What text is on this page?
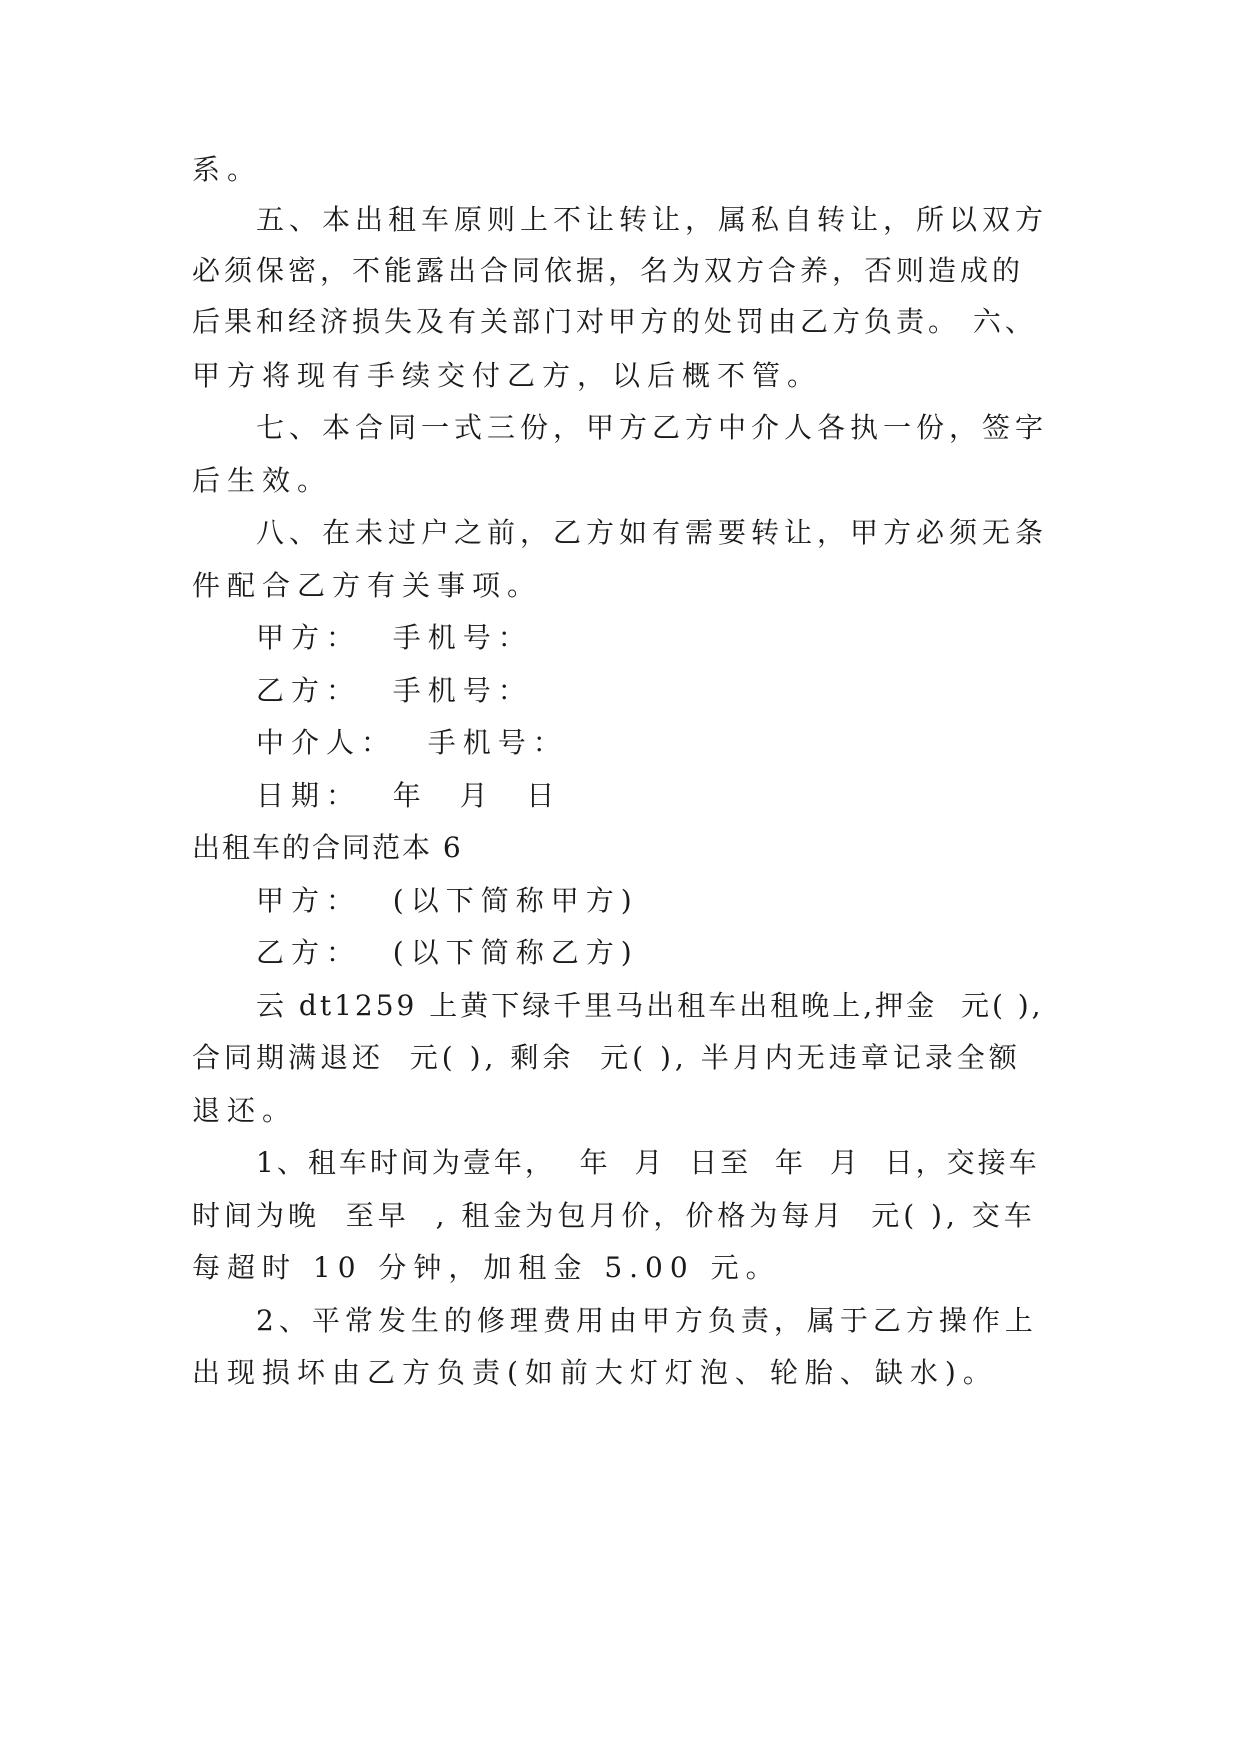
系。

五、本出租车原则上不让转让，属私自转让，所以双方

必须保密，不能露出合同依据，名为双方合养，否则造成的

后果和经济损失及有关部门对甲方的处罚由乙方负责。 六、

甲方将现有手续交付乙方，以后概不管。

七、本合同一式三份，甲方乙方中介人各执一份，签字

后生效。

八、在未过户之前，乙方如有需要转让，甲方必须无条

件配合乙方有关事项。

甲方：  手机号：

乙方：  手机号：

中介人：  手机号：

日期：  年  月  日

出租车的合同范本 6

甲方：  (以下简称甲方)

乙方：  (以下简称乙方)

云 dt1259 上黄下绿千里马出租车出租晚上,押金  元( ),

合同期满退还  元( ), 剩余  元( ), 半月内无违章记录全额

退还。

1、租车时间为壹年，  年  月  日至  年  月  日，交接车

时间为晚  至早  , 租金为包月价，价格为每月  元( ), 交车

每超时 10 分钟，加租金 5.00 元。

2、平常发生的修理费用由甲方负责，属于乙方操作上

出现损坏由乙方负责(如前大灯灯泡、轮胎、缺水)。
